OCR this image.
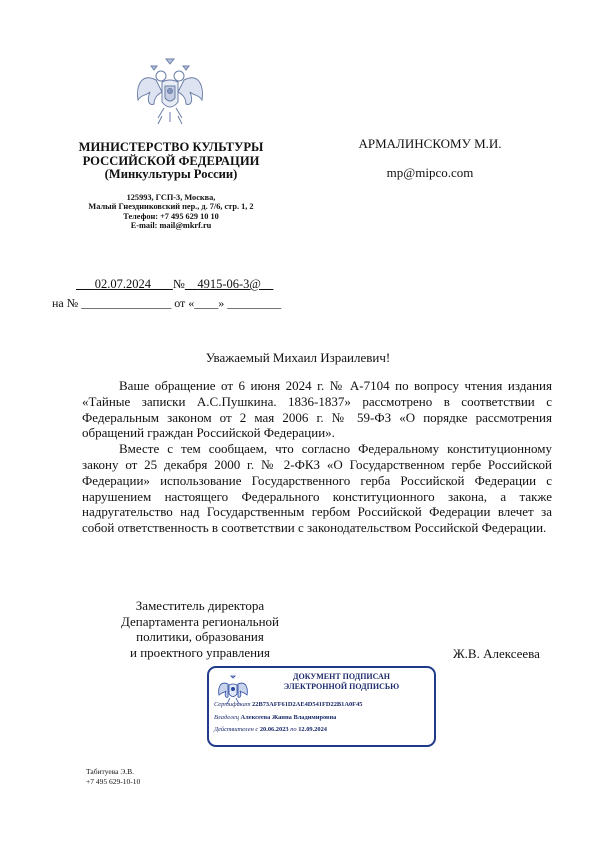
МИНИСТЕРСТВО КУЛЬТУРЫ
РОССИЙСКОЙ ФЕДЕРАЦИИ
(Минкультуры России)
125993, ГСП-3, Москва,
Малый Гнездниковский пер., д. 7/6, стр. 1, 2
Телефон: +7 495 629 10 10
E-mail: mail@mkrf.ru
АРМАЛИНСКОМУ М.И.
mp@mipco.com
02.07.2024 № 4915-06-3@
на № _______________ от «____» _________
Уважаемый Михаил Израилевич!

Ваше обращение от 6 июня 2024 г. № А-7104 по вопросу чтения издания «Тайные записки А.С.Пушкина. 1836-1837» рассмотрено в соответствии с Федеральным законом от 2 мая 2006 г. № 59-ФЗ «О порядке рассмотрения обращений граждан Российской Федерации».

Вместе с тем сообщаем, что согласно Федеральному конституционному закону от 25 декабря 2000 г. № 2-ФКЗ «О Государственном гербе Российской Федерации» использование Государственного герба Российской Федерации с нарушением настоящего Федерального конституционного закона, а также надругательство над Государственным гербом Российской Федерации влечет за собой ответственность в соответствии с законодательством Российской Федерации.

Заместитель директора
Департамента региональной
политики, образования
и проектного управления	Ж.В. Алексеева
ДОКУМЕНТ ПОДПИСАН
ЭЛЕКТРОННОЙ ПОДПИСЬЮ
Сертификат 22B73AFF61D2AE4D541FD22B1A0F45
Владелец Алексеева Жанна Владимировна
Действителен с 20.06.2023 по 12.09.2024
Табитуева Э.В.
+7 495 629-10-10
